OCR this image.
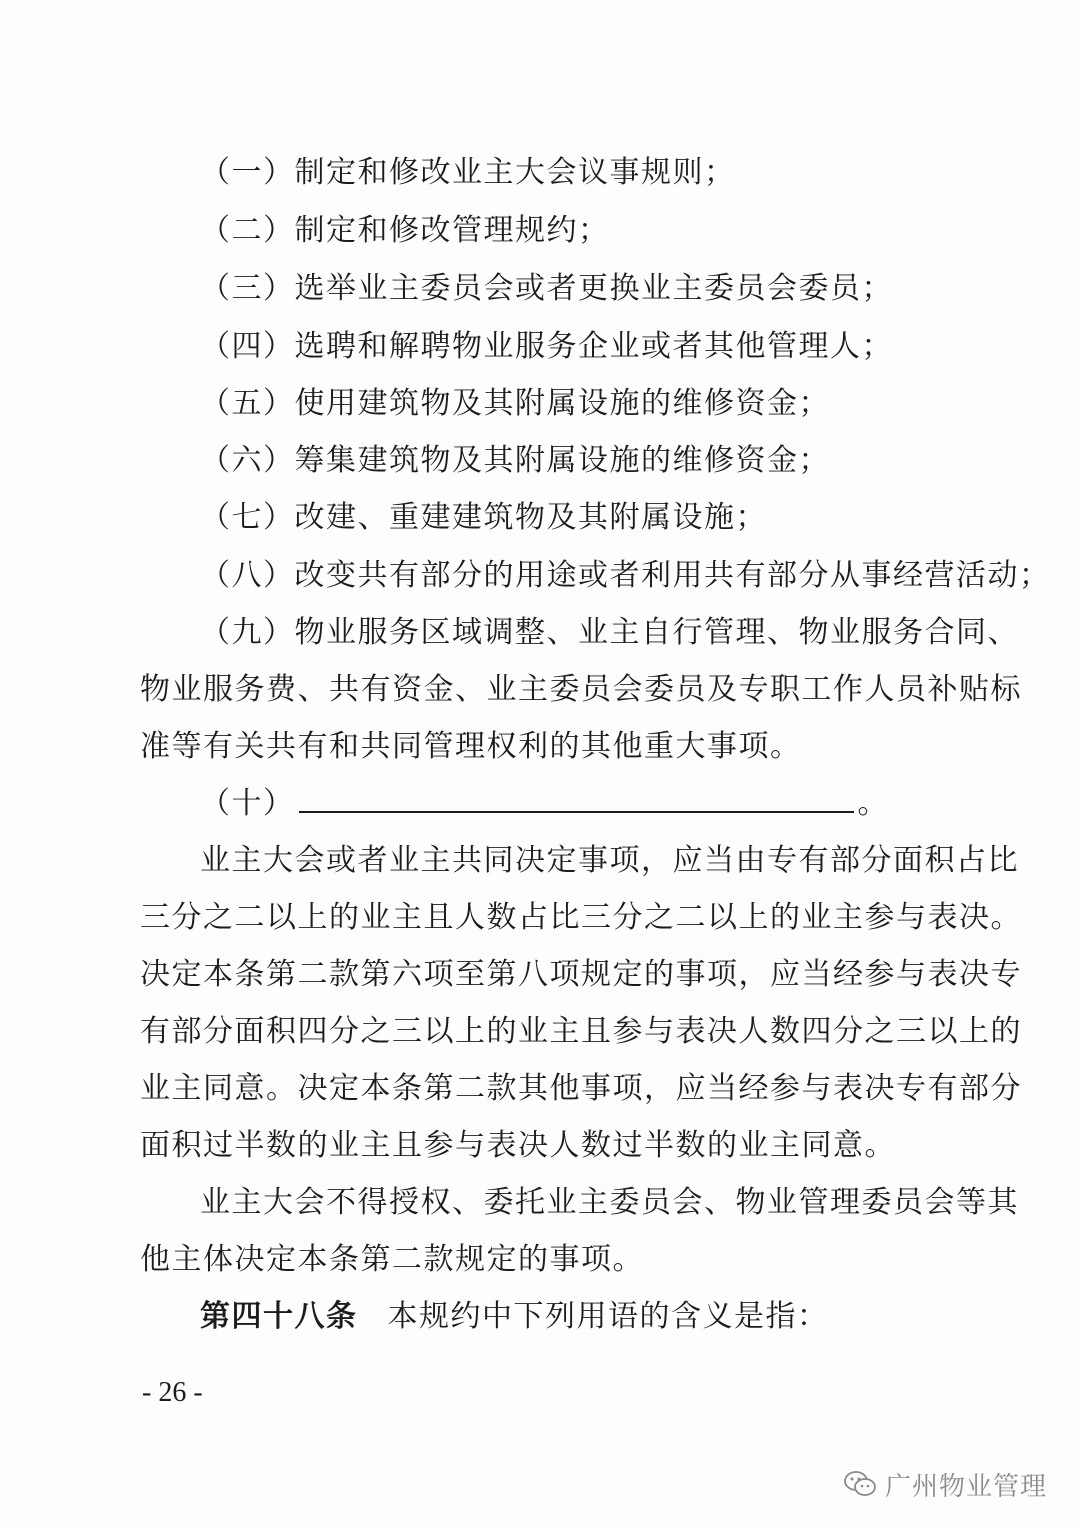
（一）制定和修改业主大会议事规则；
（二）制定和修改管理规约；
（三）选举业主委员会或者更换业主委员会委员；
（四）选聘和解聘物业服务企业或者其他管理人；
（五）使用建筑物及其附属设施的维修资金；
（六）筹集建筑物及其附属设施的维修资金；
（七）改建、重建建筑物及其附属设施；
（八）改变共有部分的用途或者利用共有部分从事经营活动；
（九）物业服务区域调整、业主自行管理、物业服务合同、
物业服务费、共有资金、业主委员会委员及专职工作人员补贴标
准等有关共有和共同管理权利的其他重大事项。
（十）	。
业主大会或者业主共同决定事项，应当由专有部分面积占比
三分之二以上的业主且人数占比三分之二以上的业主参与表决。
决定本条第二款第六项至第八项规定的事项，应当经参与表决专
有部分面积四分之三以上的业主且参与表决人数四分之三以上的
业主同意。决定本条第二款其他事项，应当经参与表决专有部分
面积过半数的业主且参与表决人数过半数的业主同意。
业主大会不得授权、委托业主委员会、物业管理委员会等其
他主体决定本条第二款规定的事项。
第四十八条 本规约中下列用语的含义是指：
- 26 -
广州物业管理
